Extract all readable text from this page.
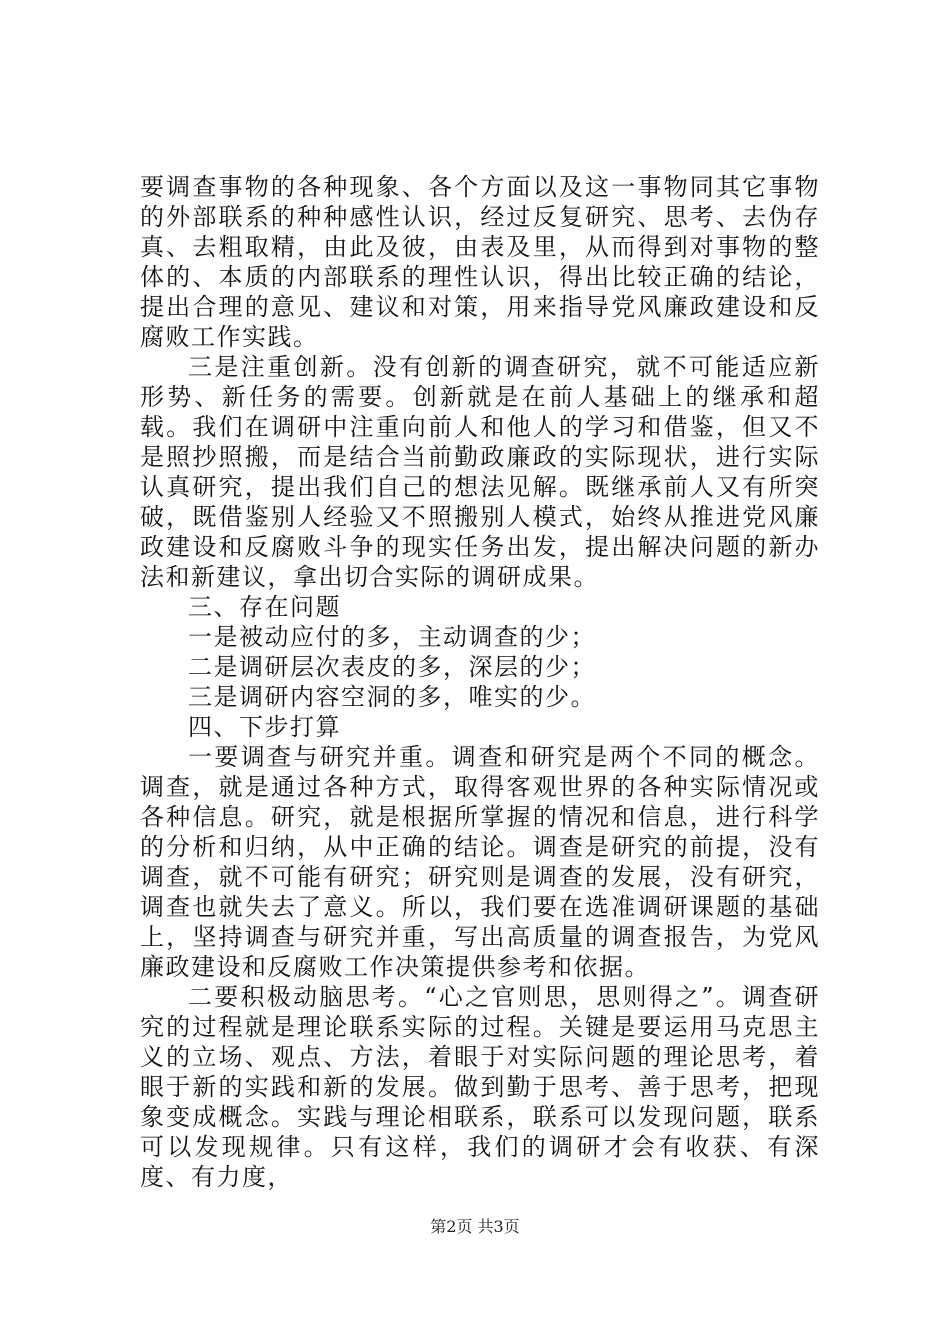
要调查事物的各种现象、各个方面以及这一事物同其它事物的外部联系的种种感性认识，经过反复研究、思考、去伪存真、去粗取精，由此及彼，由表及里，从而得到对事物的整体的、本质的内部联系的理性认识，得出比较正确的结论，提出合理的意见、建议和对策，用来指导党风廉政建设和反腐败工作实践。

三是注重创新。没有创新的调查研究，就不可能适应新形势、新任务的需要。创新就是在前人基础上的继承和超载。我们在调研中注重向前人和他人的学习和借鉴，但又不是照抄照搬，而是结合当前勤政廉政的实际现状，进行实际认真研究，提出我们自己的想法见解。既继承前人又有所突破，既借鉴别人经验又不照搬别人模式，始终从推进党风廉政建设和反腐败斗争的现实任务出发，提出解决问题的新办法和新建议，拿出切合实际的调研成果。

三、存在问题

一是被动应付的多，主动调查的少；

二是调研层次表皮的多，深层的少；

三是调研内容空洞的多，唯实的少。

四、下步打算

一要调查与研究并重。调查和研究是两个不同的概念。调查，就是通过各种方式，取得客观世界的各种实际情况或各种信息。研究，就是根据所掌握的情况和信息，进行科学的分析和归纳，从中正确的结论。调查是研究的前提，没有调查，就不可能有研究；研究则是调查的发展，没有研究，调查也就失去了意义。所以，我们要在选准调研课题的基础上，坚持调查与研究并重，写出高质量的调查报告，为党风廉政建设和反腐败工作决策提供参考和依据。

二要积极动脑思考。“心之官则思，思则得之”。调查研究的过程就是理论联系实际的过程。关键是要运用马克思主义的立场、观点、方法，着眼于对实际问题的理论思考，着眼于新的实践和新的发展。做到勤于思考、善于思考，把现象变成概念。实践与理论相联系，联系可以发现问题，联系可以发现规律。只有这样，我们的调研才会有收获、有深度、有力度，

第2页 共3页
